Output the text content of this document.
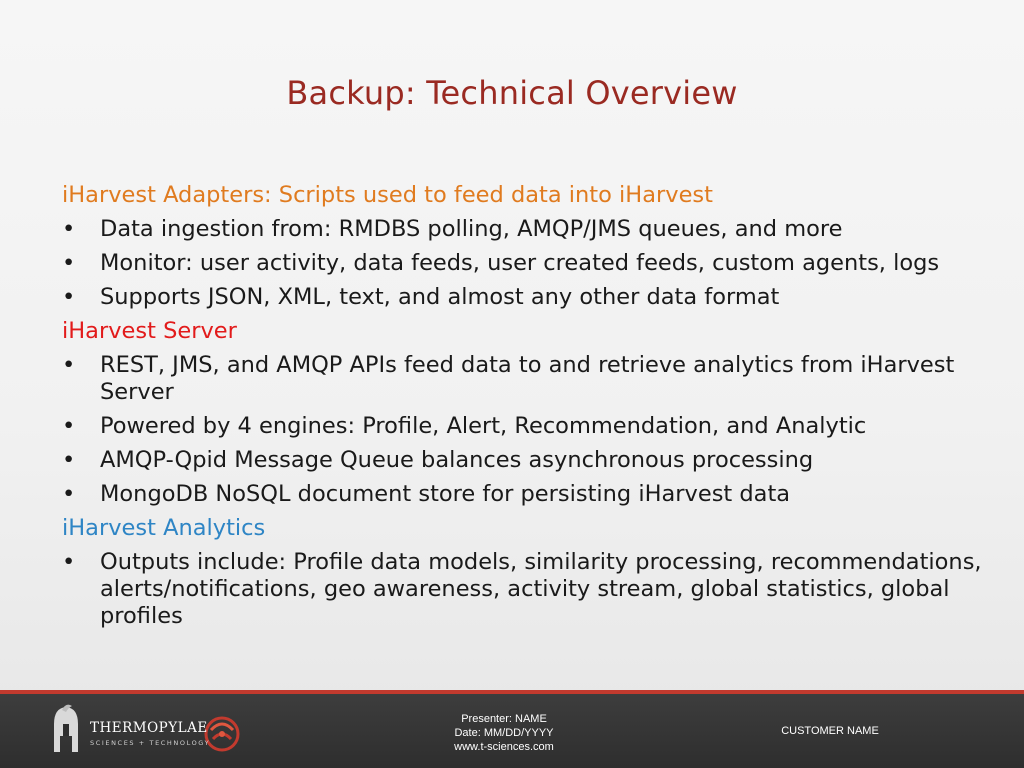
Backup: Technical Overview
iHarvest Adapters: Scripts used to feed data into iHarvest
• Data ingestion from: RMDBS polling, AMQP/JMS queues, and more
• Monitor: user activity, data feeds, user created feeds, custom agents, logs
• Supports JSON, XML, text, and almost any other data format
iHarvest Server
• REST, JMS, and AMQP APIs feed data to and retrieve analytics from iHarvest Server
• Powered by 4 engines: Profile, Alert, Recommendation, and Analytic
• AMQP-Qpid Message Queue balances asynchronous processing
• MongoDB NoSQL document store for persisting iHarvest data
iHarvest Analytics
• Outputs include: Profile data models, similarity processing, recommendations, alerts/notifications, geo awareness, activity stream, global statistics, global profiles
THERMOPYLAE
SCIENCES + TECHNOLOGY
Presenter: NAME
Date: MM/DD/YYYY
www.t-sciences.com
CUSTOMER NAME
